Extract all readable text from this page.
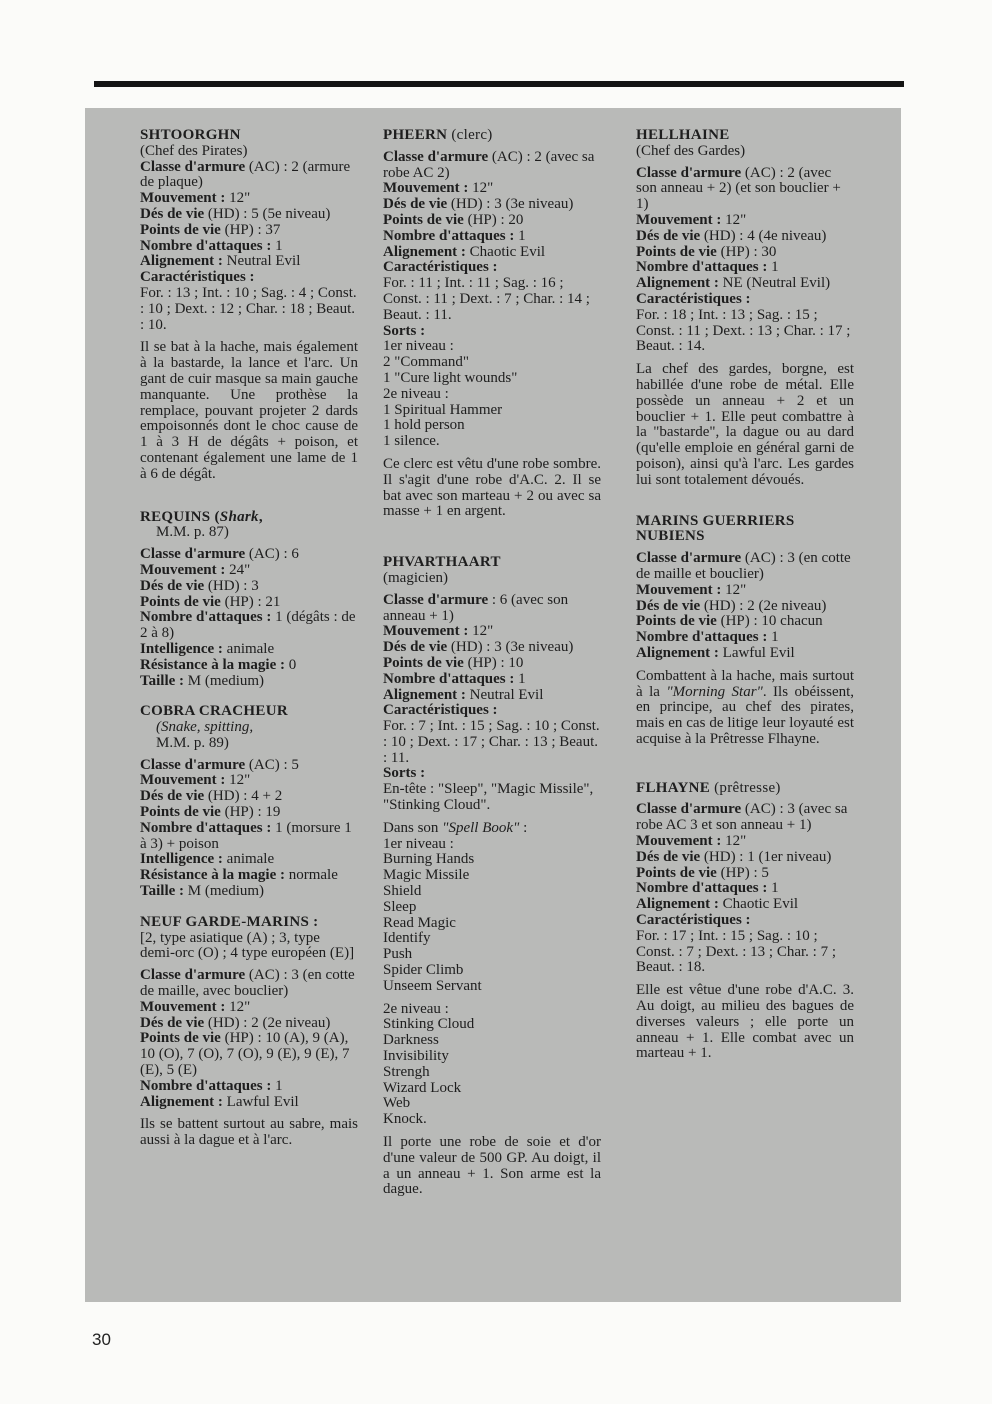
SHTOORGHN
(Chef des Pirates)
Classe d'armure (AC) : 2 (armure de plaque)
Mouvement : 12"
Dés de vie (HD) : 5 (5e niveau)
Points de vie (HP) : 37
Nombre d'attaques : 1
Alignement : Neutral Evil
Caractéristiques :
For. : 13 ; Int. : 10 ; Sag. : 4 ; Const. : 10 ; Dext. : 12 ; Char. : 18 ; Beaut. : 10.
Il se bat à la hache, mais également à la bastarde, la lance et l'arc. Un gant de cuir masque sa main gauche manquante. Une prothèse la remplace, pouvant projeter 2 dards empoisonnés dont le choc cause de 1 à 3 H de dégâts + poison, et contenant également une lame de 1 à 6 de dégât.
REQUINS (Shark,
M.M. p. 87)
Classe d'armure (AC) : 6
Mouvement : 24"
Dés de vie (HD) : 3
Points de vie (HP) : 21
Nombre d'attaques : 1 (dégâts : de 2 à 8)
Intelligence : animale
Résistance à la magie : 0
Taille : M (medium)
COBRA CRACHEUR
(Snake, spitting,
M.M. p. 89)
Classe d'armure (AC) : 5
Mouvement : 12"
Dés de vie (HD) : 4 + 2
Points de vie (HP) : 19
Nombre d'attaques : 1 (morsure 1 à 3) + poison
Intelligence : animale
Résistance à la magie : normale
Taille : M (medium)
NEUF GARDE-MARINS :
[2, type asiatique (A) ; 3, type demi-orc (O) ; 4 type européen (E)]
Classe d'armure (AC) : 3 (en cotte de maille, avec bouclier)
Mouvement : 12"
Dés de vie (HD) : 2 (2e niveau)
Points de vie (HP) : 10 (A), 9 (A), 10 (O), 7 (O), 7 (O), 9 (E), 9 (E), 7 (E), 5 (E)
Nombre d'attaques : 1
Alignement : Lawful Evil
Ils se battent surtout au sabre, mais aussi à la dague et à l'arc.
PHEERN (clerc)
Classe d'armure (AC) : 2 (avec sa robe AC 2)
Mouvement : 12"
Dés de vie (HD) : 3 (3e niveau)
Points de vie (HP) : 20
Nombre d'attaques : 1
Alignement : Chaotic Evil
Caractéristiques :
For. : 11 ; Int. : 11 ; Sag. : 16 ; Const. : 11 ; Dext. : 7 ; Char. : 14 ; Beaut. : 11.
Sorts :
1er niveau :
2 "Command"
1 "Cure light wounds"
2e niveau :
1 Spiritual Hammer
1 hold person
1 silence.
Ce clerc est vêtu d'une robe sombre. Il s'agit d'une robe d'A.C. 2. Il se bat avec son marteau + 2 ou avec sa masse + 1 en argent.
PHVARTHAART
(magicien)
Classe d'armure : 6 (avec son anneau + 1)
Mouvement : 12"
Dés de vie (HD) : 3 (3e niveau)
Points de vie (HP) : 10
Nombre d'attaques : 1
Alignement : Neutral Evil
Caractéristiques :
For. : 7 ; Int. : 15 ; Sag. : 10 ; Const. : 10 ; Dext. : 17 ; Char. : 13 ; Beaut. : 11.
Sorts :
En-tête : "Sleep", "Magic Missile", "Stinking Cloud".
Dans son "Spell Book" :
1er niveau :
Burning Hands
Magic Missile
Shield
Sleep
Read Magic
Identify
Push
Spider Climb
Unseem Servant
2e niveau :
Stinking Cloud
Darkness
Invisibility
Strengh
Wizard Lock
Web
Knock.
Il porte une robe de soie et d'or d'une valeur de 500 GP. Au doigt, il a un anneau + 1. Son arme est la dague.
HELLHAINE
(Chef des Gardes)
Classe d'armure (AC) : 2 (avec son anneau + 2) (et son bouclier + 1)
Mouvement : 12"
Dés de vie (HD) : 4 (4e niveau)
Points de vie (HP) : 30
Nombre d'attaques : 1
Alignement : NE (Neutral Evil)
Caractéristiques :
For. : 18 ; Int. : 13 ; Sag. : 15 ; Const. : 11 ; Dext. : 13 ; Char. : 17 ; Beaut. : 14.
La chef des gardes, borgne, est habillée d'une robe de métal. Elle possède un anneau + 2 et un bouclier + 1. Elle peut combattre à la "bastarde", la dague ou au dard (qu'elle emploie en général garni de poison), ainsi qu'à l'arc. Les gardes lui sont totalement dévoués.
MARINS GUERRIERS NUBIENS
Classe d'armure (AC) : 3 (en cotte de maille et bouclier)
Mouvement : 12"
Dés de vie (HD) : 2 (2e niveau)
Points de vie (HP) : 10 chacun
Nombre d'attaques : 1
Alignement : Lawful Evil
Combattent à la hache, mais surtout à la "Morning Star". Ils obéissent, en principe, au chef des pirates, mais en cas de litige leur loyauté est acquise à la Prêtresse Flhayne.
FLHAYNE (prêtresse)
Classe d'armure (AC) : 3 (avec sa robe AC 3 et son anneau + 1)
Mouvement : 12"
Dés de vie (HD) : 1 (1er niveau)
Points de vie (HP) : 5
Nombre d'attaques : 1
Alignement : Chaotic Evil
Caractéristiques :
For. : 17 ; Int. : 15 ; Sag. : 10 ; Const. : 7 ; Dext. : 13 ; Char. : 7 ; Beaut. : 18.
Elle est vêtue d'une robe d'A.C. 3. Au doigt, au milieu des bagues de diverses valeurs ; elle porte un anneau + 1. Elle combat avec un marteau + 1.
30
